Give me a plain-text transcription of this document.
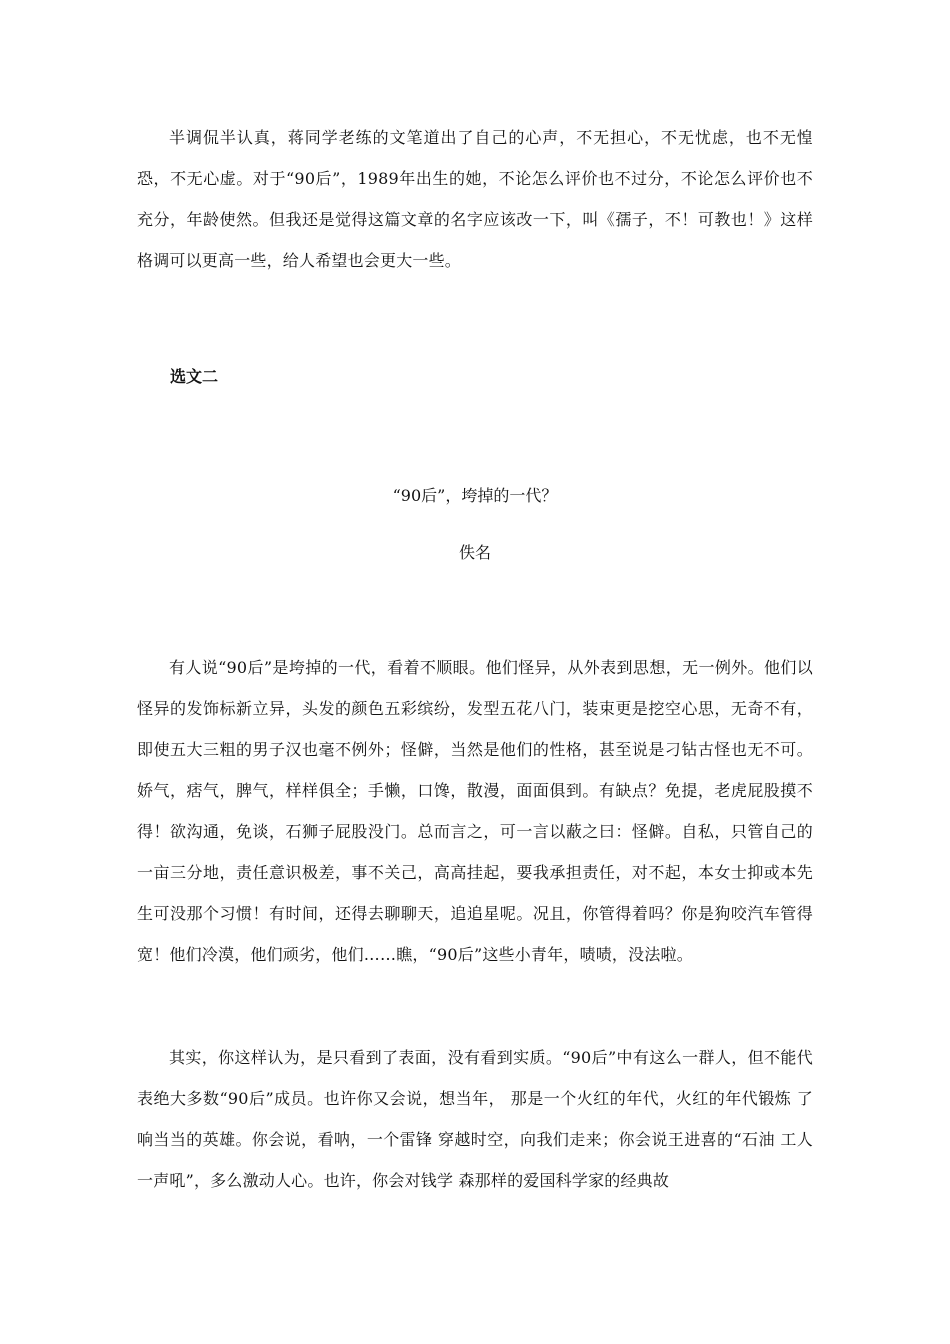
半调侃半认真，蒋同学老练的文笔道出了自己的心声，不无担心，不无忧虑，也不无惶恐，不无心虚。对于“90后”，1989年出生的她，不论怎么评价也不过分，不论怎么评价也不充分，年龄使然。但我还是觉得这篇文章的名字应该改一下，叫《孺子，不！可教也！》这样格调可以更高一些，给人希望也会更大一些。

选文二

“90后”，垮掉的一代？

佚名

有人说“90后”是垮掉的一代，看着不顺眼。他们怪异，从外表到思想，无一例外。他们以怪异的发饰标新立异，头发的颜色五彩缤纷，发型五花八门，装束更是挖空心思，无奇不有，即使五大三粗的男子汉也毫不例外；怪僻，当然是他们的性格，甚至说是刁钻古怪也无不可。娇气，痞气，脾气，样样俱全；手懒，口馋，散漫，面面俱到。有缺点？免提，老虎屁股摸不得！欲沟通，免谈，石狮子屁股没门。总而言之，可一言以蔽之曰：怪僻。自私，只管自己的一亩三分地，责任意识极差，事不关己，高高挂起，要我承担责任，对不起，本女士抑或本先生可没那个习惯！有时间，还得去聊聊天，追追星呢。况且，你管得着吗？你是狗咬汽车管得宽！他们冷漠，他们顽劣，他们……瞧，“90后”这些小青年，啧啧，没法啦。

其实，你这样认为，是只看到了表面，没有看到实质。“90后”中有这么一群人，但不能代表绝大多数“90后”成员。也许你又会说，想当年， 那是一个火红的年代，火红的年代锻炼 了响当当的英雄。你会说，看呐，一个雷锋 穿越时空，向我们走来；你会说王进喜的“石油 工人一声吼”，多么激动人心。也许，你会对钱学 森那样的爱国科学家的经典故
